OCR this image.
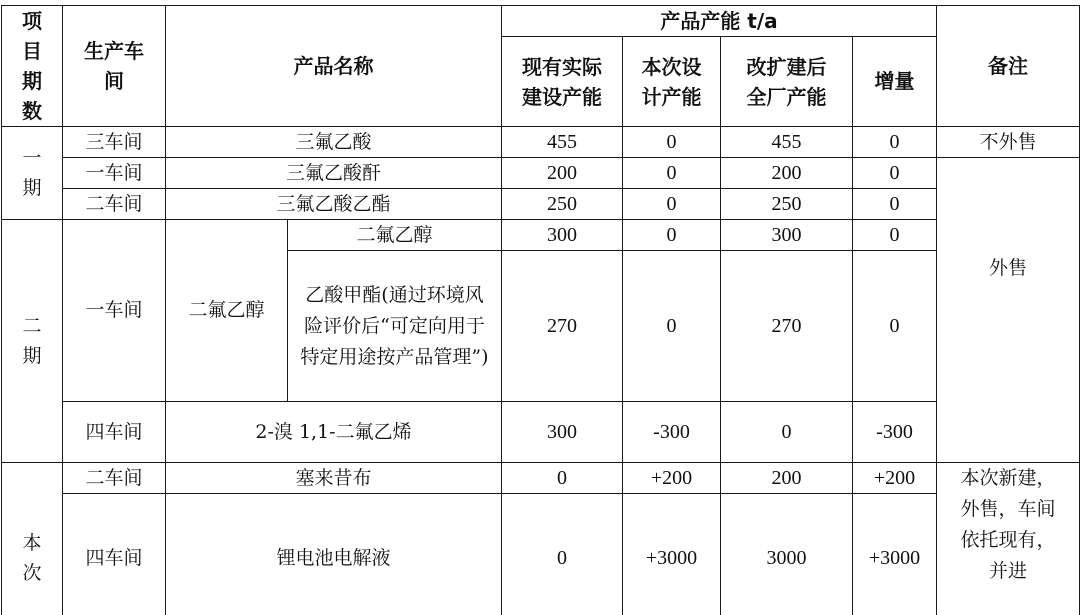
项目期数	生产车间	产品名称		产品产能 t/a				备注

				现有实际建设产能	本次设计产能	改扩建后全厂产能	增量	

一期	三车间	三氟乙酸		455	0	455	0	不外售
	一车间	三氟乙酸酐		200	0	200	0	外售

	二车间	三氟乙酸乙酯		250	0	250	0	

二期	一车间	二氟乙醇	二氟乙醇	300	0	300	0	

			乙酸甲酯(通过环境风险评价后“可定向用于特定用途按产品管理”)	270	0	270	0	
	四车间	2-溴 1,1-二氟乙烯		300	-300	0	-300	

本次	二车间	塞来昔布		0	+200	200	+200	本次新建，外售，车间依托现有，并进

	四车间	锂电池电解液		0	+3000	3000	+3000	
